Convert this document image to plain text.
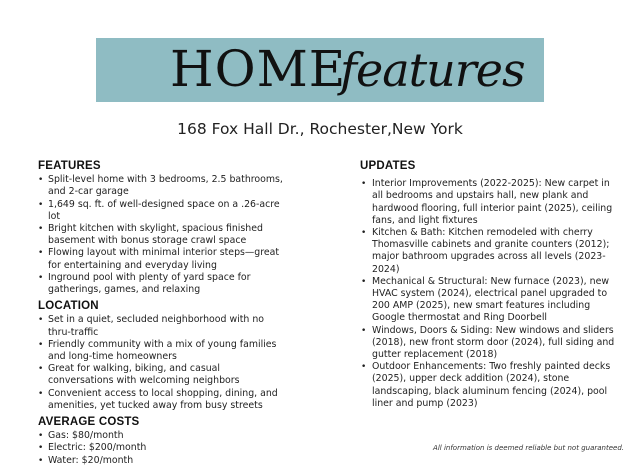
HOME
features
168 Fox Hall Dr., Rochester,New York
FEATURES
• Split-level home with 3 bedrooms, 2.5 bathrooms, and 2-car garage
• 1,649 sq. ft. of well-designed space on a .26-acre lot
• Bright kitchen with skylight, spacious finished basement with bonus storage crawl space
• Flowing layout with minimal interior steps—great for entertaining and everyday living
• Inground pool with plenty of yard space for gatherings, games, and relaxing
LOCATION
• Set in a quiet, secluded neighborhood with no thru-traffic
• Friendly community with a mix of young families and long-time homeowners
• Great for walking, biking, and casual conversations with welcoming neighbors
• Convenient access to local shopping, dining, and amenities, yet tucked away from busy streets
AVERAGE COSTS
• Gas: $80/month
• Electric: $200/month
• Water: $20/month
UPDATES
• Interior Improvements (2022-2025): New carpet in all bedrooms and upstairs hall, new plank and hardwood flooring, full interior paint (2025), ceiling fans, and light fixtures
• Kitchen & Bath: Kitchen remodeled with cherry Thomasville cabinets and granite counters (2012); major bathroom upgrades across all levels (2023-2024)
• Mechanical & Structural: New furnace (2023), new HVAC system (2024), electrical panel upgraded to 200 AMP (2025), new smart features including Google thermostat and Ring Doorbell
• Windows, Doors & Siding: New windows and sliders (2018), new front storm door (2024), full siding and gutter replacement (2018)
• Outdoor Enhancements: Two freshly painted decks (2025), upper deck addition (2024), stone landscaping, black aluminum fencing (2024), pool liner and pump (2023)
All information is deemed reliable but not guaranteed.
